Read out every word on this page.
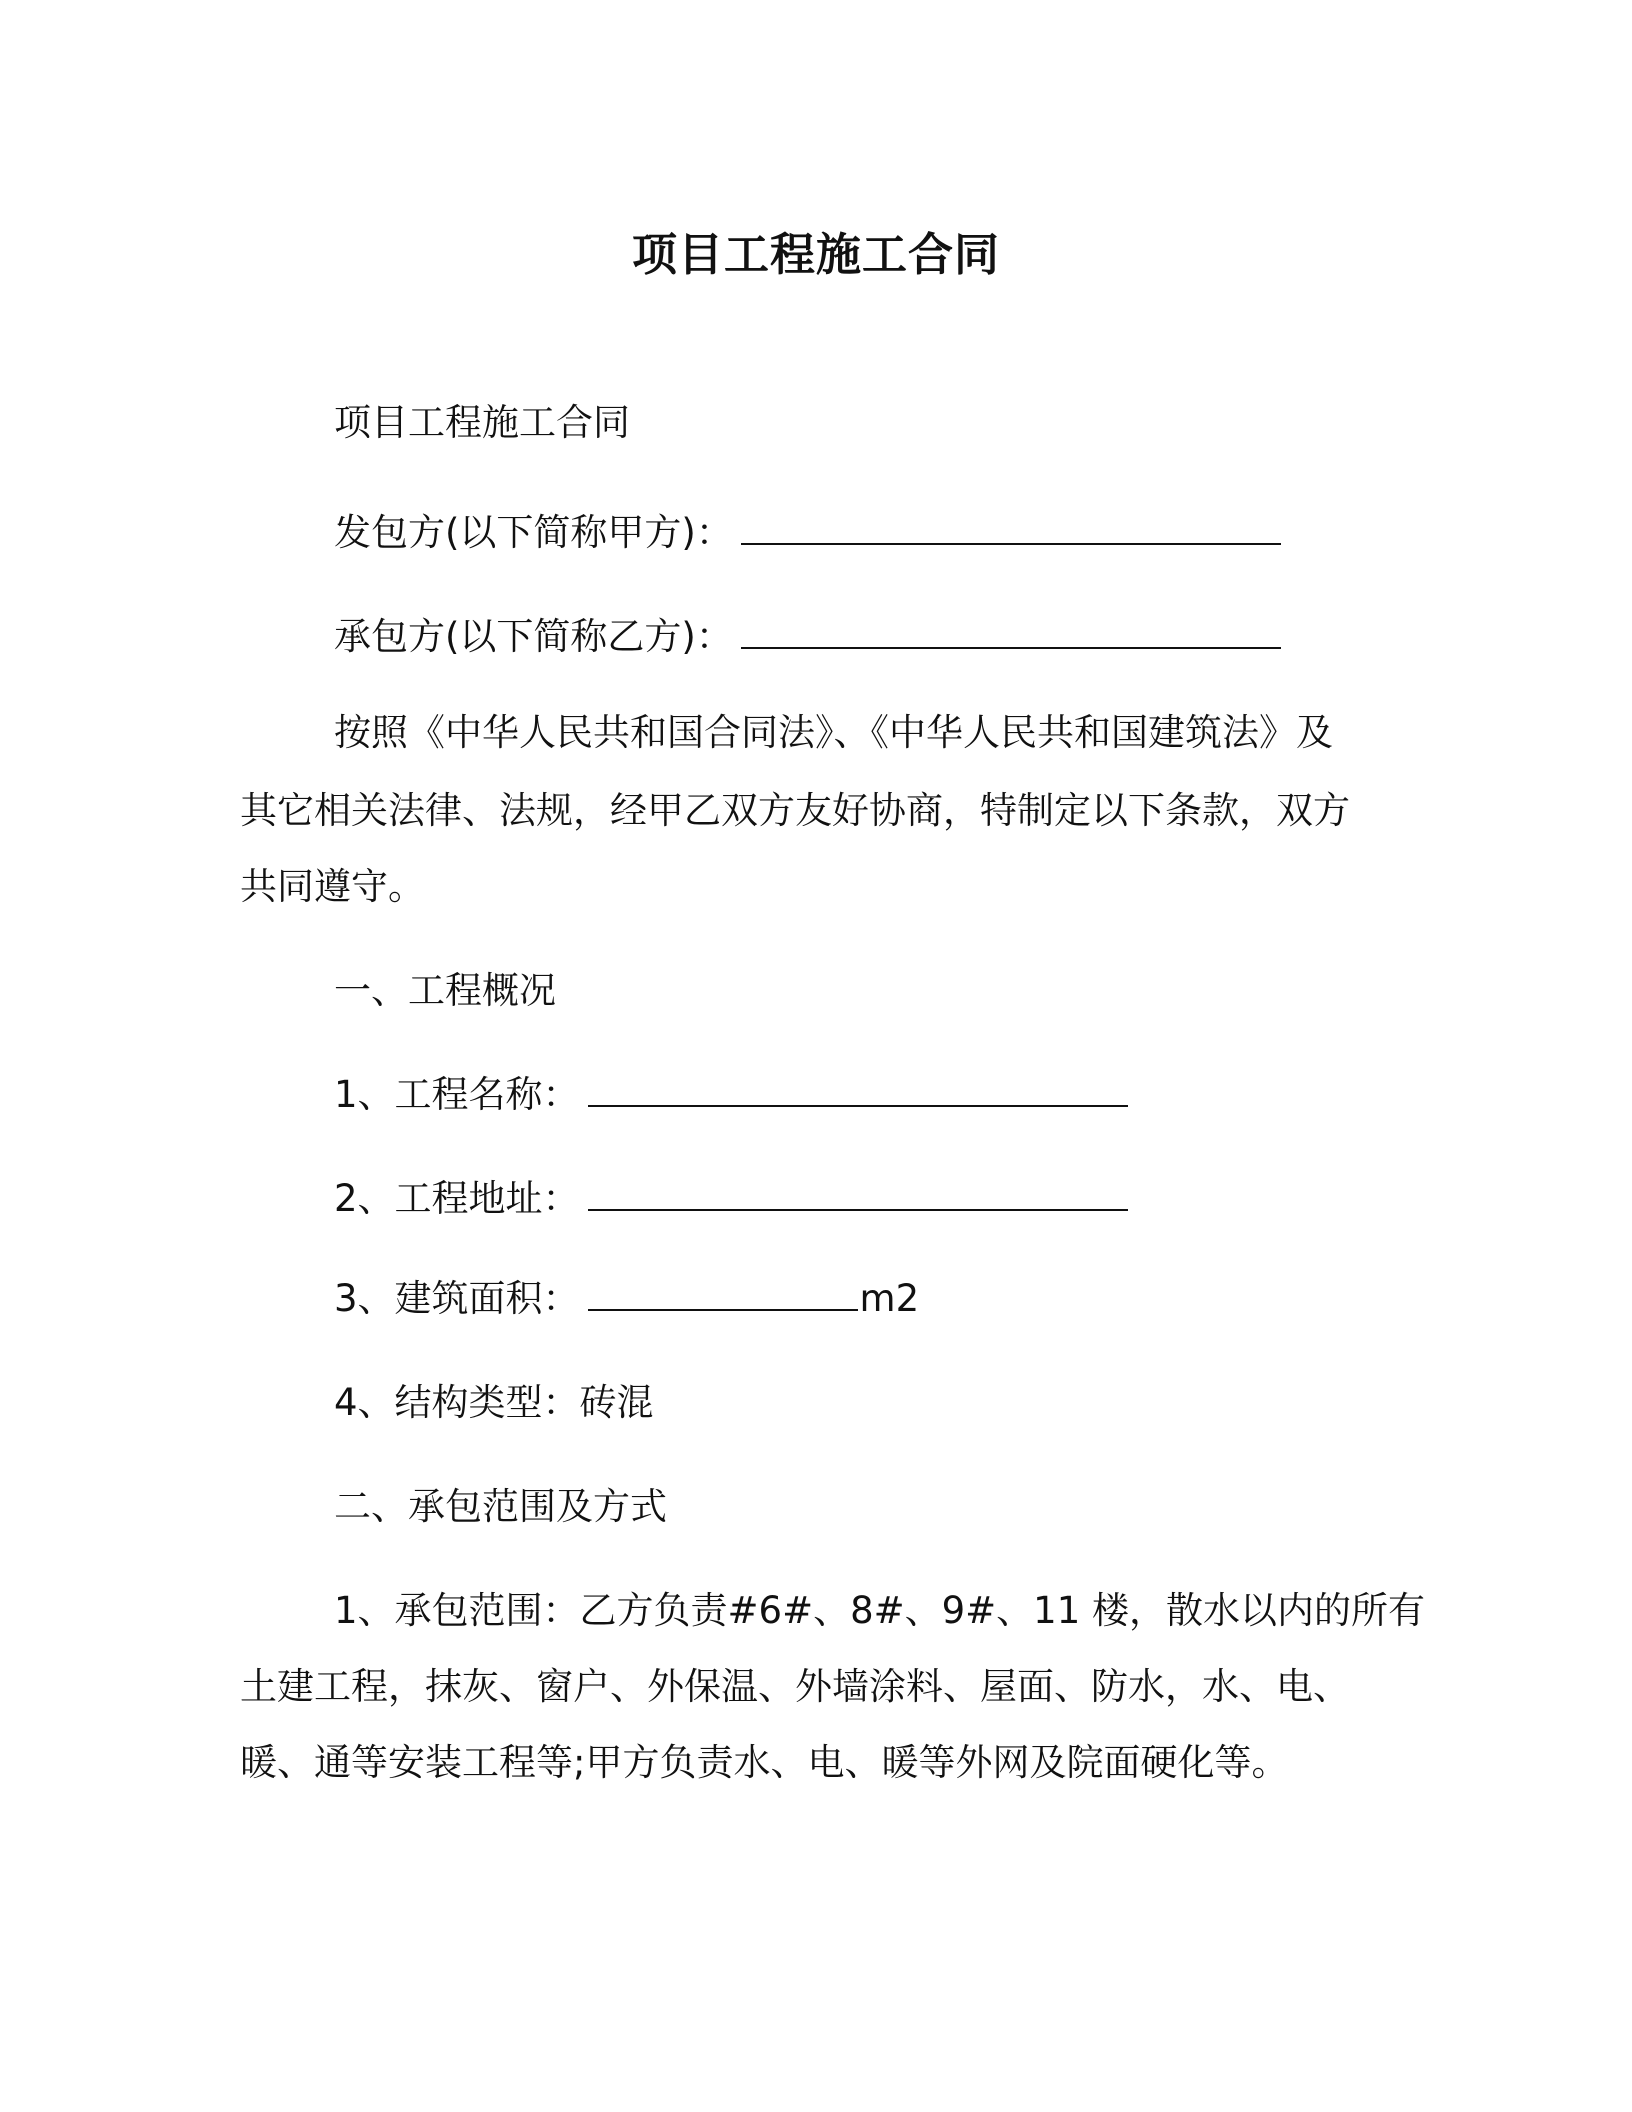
项目工程施工合同
项目工程施工合同
发包方(以下简称甲方)：
承包方(以下简称乙方)：
按照《中华人民共和国合同法》、《中华人民共和国建筑法》及
其它相关法律、法规，经甲乙双方友好协商，特制定以下条款，双方
共同遵守。
一、工程概况
1、工程名称：
2、工程地址：
3、建筑面积：	m2
4、结构类型：砖混
二、承包范围及方式
1、承包范围：乙方负责#6#、8#、9#、11 楼，散水以内的所有
土建工程，抹灰、窗户、外保温、外墙涂料、屋面、防水，水、电、
暖、通等安装工程等;甲方负责水、电、暖等外网及院面硬化等。
